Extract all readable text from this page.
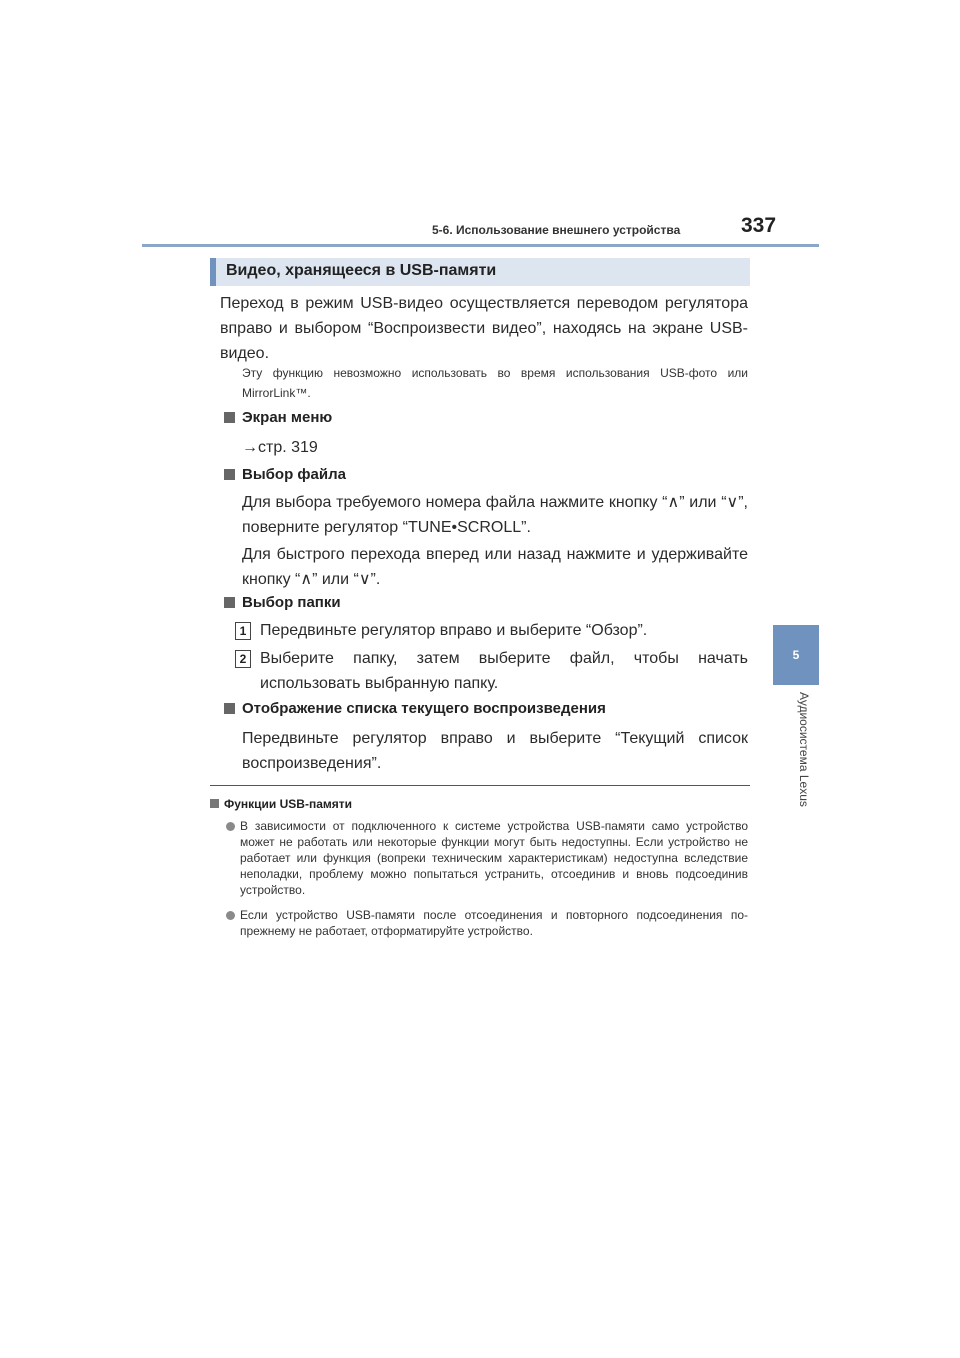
5-6. Использование внешнего устройства	337
5
Аудиосистема Lexus
Видео, хранящееся в USB-памяти
Переход в режим USB-видео осуществляется переводом регулятора вправо и выбором “Воспроизвести видео”, находясь на экране USB-видео.
Эту функцию невозможно использовать во время использования USB-фото или MirrorLink™.
Экран меню
→стр. 319
Выбор файла
Для выбора требуемого номера файла нажмите кнопку “∧” или “∨”, поверните регулятор “TUNE•SCROLL”.
Для быстрого перехода вперед или назад нажмите и удерживайте кнопку “∧” или “∨”.
Выбор папки
1 Передвиньте регулятор вправо и выберите “Обзор”.
2 Выберите папку, затем выберите файл, чтобы начать использовать выбранную папку.
Отображение списка текущего воспроизведения
Передвиньте регулятор вправо и выберите “Текущий список воспроизведения”.
Функции USB-памяти
В зависимости от подключенного к системе устройства USB-памяти само устройство может не работать или некоторые функции могут быть недоступны. Если устройство не работает или функция (вопреки техническим характеристикам) недоступна вследствие неполадки, проблему можно попытаться устранить, отсоединив и вновь подсоединив устройство.
Если устройство USB-памяти после отсоединения и повторного подсоединения по-прежнему не работает, отформатируйте устройство.
